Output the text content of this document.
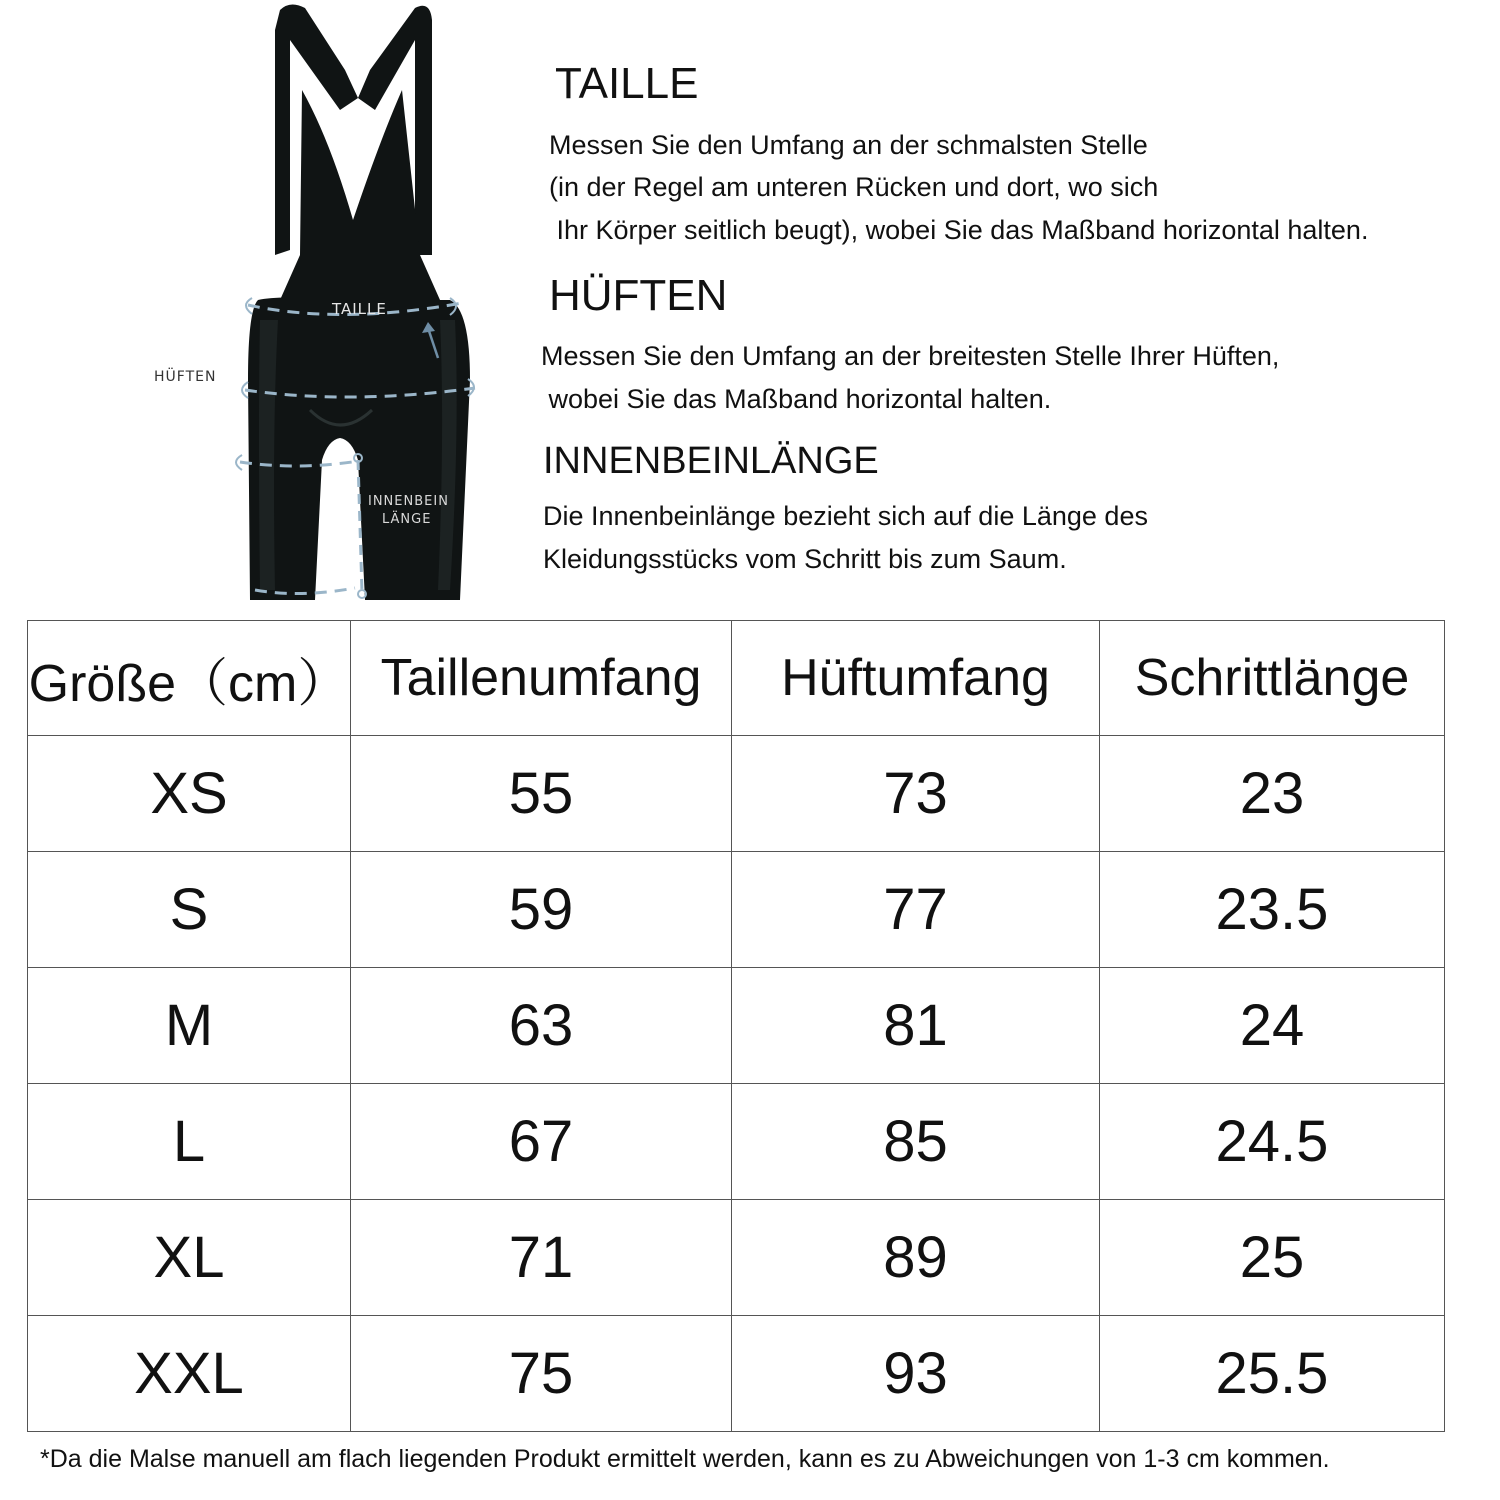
TAILLE
HÜFTEN
INNENBEIN
LÄNGE
TAILLE
Messen Sie den Umfang an der schmalsten Stelle
(in der Regel am unteren Rücken und dort, wo sich
Ihr Körper seitlich beugt), wobei Sie das Maßband horizontal halten.
HÜFTEN
Messen Sie den Umfang an der breitesten Stelle Ihrer Hüften,
wobei Sie das Maßband horizontal halten.
INNENBEINLÄNGE
Die Innenbeinlänge bezieht sich auf die Länge des
Kleidungsstücks vom Schritt bis zum Saum.
Größe（cm）	Taillenumfang	Hüftumfang	Schrittlänge
XS	55	73	23
S	59	77	23.5
M	63	81	24
L	67	85	24.5
XL	71	89	25
XXL	75	93	25.5
*Da die Malse manuell am flach liegenden Produkt ermittelt werden, kann es zu Abweichungen von 1-3 cm kommen.
